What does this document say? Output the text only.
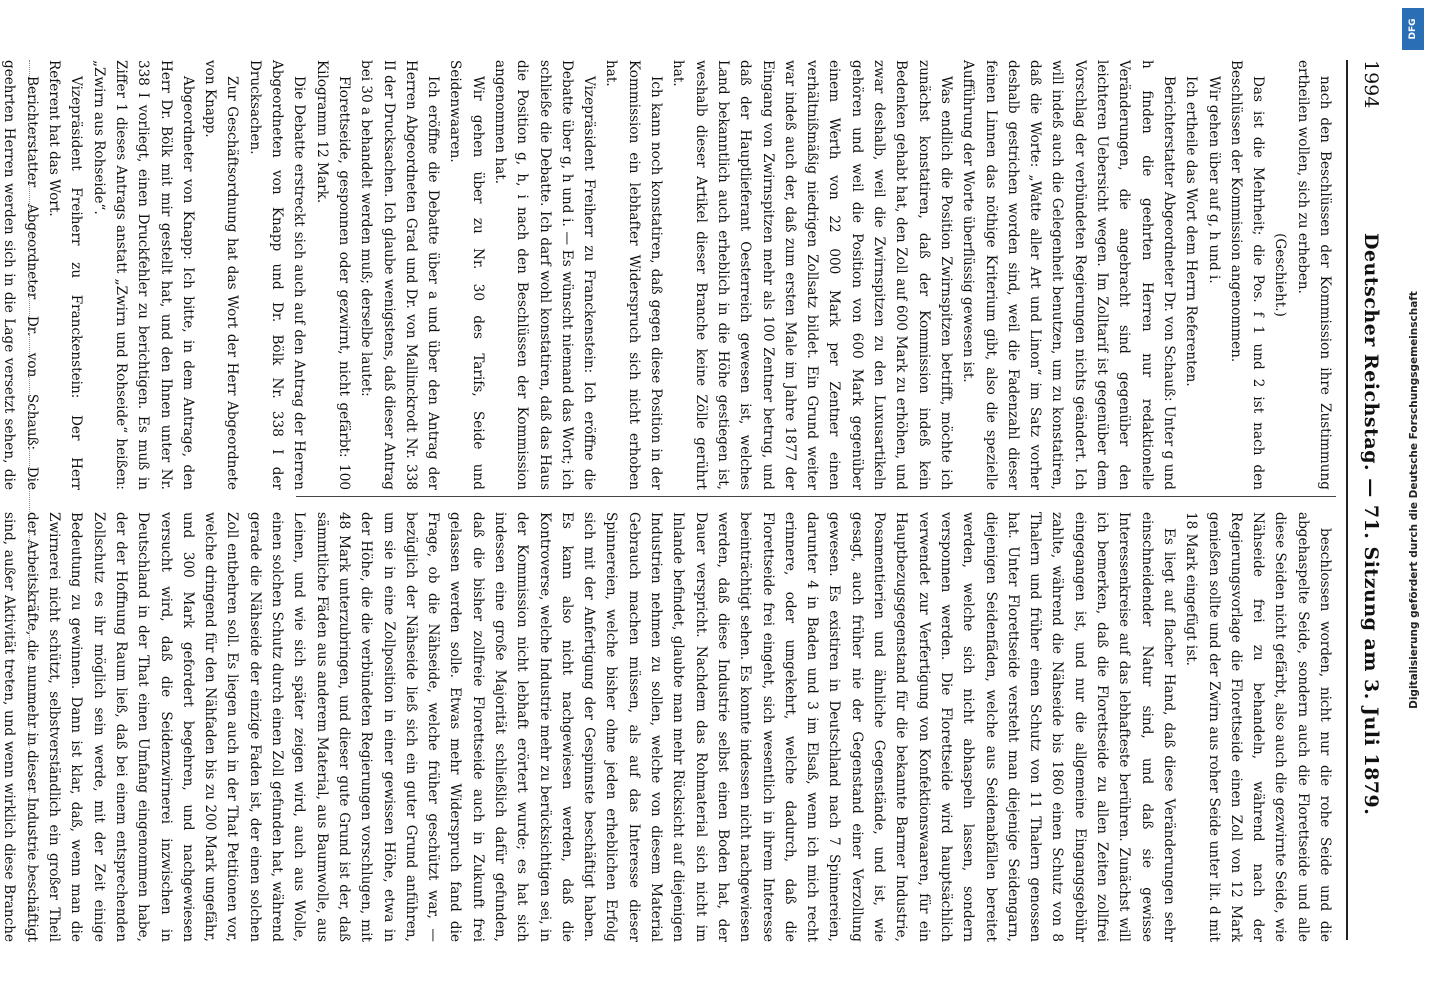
1994
Deutscher Reichstag. — 71. Sitzung am 3. Juli 1879.

nach den Beschlüssen der Kommission ihre Zustimmung ertheilen wollen, sich zu erheben.

(Geschieht.)

Das ist die Mehrheit; die Pos. f 1 und 2 ist nach den Beschlüssen der Kommission angenommen.

Wir gehen über auf g, h und i.

Ich ertheile das Wort dem Herrn Referenten.

Berichterstatter Abgeordneter Dr. von Schauß: Unter g und h finden die geehrten Herren nur redaktionelle Veränderungen, die angebracht sind gegenüber den leichteren Uebersicht wegen. Im Zolltarif ist gegenüber dem Vorschlag der verbündeten Regierungen nichts geändert. Ich will indeß auch die Gelegenheit benutzen, um zu konstatiren, daß die Worte: „Watte aller Art und Linon“ im Satz vorher deshalb gestrichen worden sind, weil die Fadenzahl dieser feinen Linnen das nöthige Kriterium gibt, also die spezielle Aufführung der Worte überflüssig gewesen ist.

Was endlich die Position Zwirnspitzen betrifft, möchte ich zunächst konstatiren, daß der Kommission indeß kein Bedenken gehabt hat, den Zoll auf 600 Mark zu erhöhen, und zwar deshalb, weil die Zwirnspitzen zu den Luxusartikeln gehören und weil die Position von 600 Mark gegenüber einem Werth von 22 000 Mark per Zentner einen verhältnißmäßig niedrigen Zollsatz bildet. Ein Grund weiter war indeß auch der, daß zum ersten Male im Jahre 1877 der Eingang von Zwirnspitzen mehr als 100 Zentner betrug, und daß der Hauptlieferant Oesterreich gewesen ist, welches Land bekanntlich auch erheblich in die Höhe gestiegen ist, weshalb dieser Artikel dieser Branche keine Zölle gerührt hat.

Ich kann noch konstatiren, daß gegen diese Position in der Kommission ein lebhafter Widerspruch sich nicht erhoben hat.

Vizepräsident Freiherr zu Franckenstein: Ich eröffne die Debatte über g, h und i. — Es wünscht niemand das Wort; ich schließe die Debatte. Ich darf wohl konstatiren, daß das Haus die Position g, h, i nach den Beschlüssen der Kommission angenommen hat.

Wir gehen über zu Nr. 30 des Tarifs, Seide und Seidenwaaren.

Ich eröffne die Debatte über a und über den Antrag der Herren Abgeordneten Grad und Dr. von Mallinckrodt Nr. 338 II der Drucksachen. Ich glaube wenigstens, daß dieser Antrag bei 30 a behandelt werden muß; derselbe lautet:

Florettseide, gesponnen oder gezwirnt, nicht gefärbt: 100 Kilogramm 12 Mark.

Die Debatte erstreckt sich auch auf den Antrag der Herren Abgeordneten von Knapp und Dr. Bölk Nr. 338 I der Drucksachen.

Zur Geschäftsordnung hat das Wort der Herr Abgeordnete von Knapp.

Abgeordneter von Knapp: Ich bitte, in dem Antrage, den Herr Dr. Bölk mit mir gestellt hat, und den Ihnen unter Nr. 338 I vorliegt, einen Druckfehler zu berichtigen. Es muß in Ziffer 1 dieses Antrags anstatt „Zwirn und Rohseide“ heißen: „Zwirn aus Rohseide“.

Vizepräsident Freiherr zu Franckenstein: Der Herr Referent hat das Wort.

Berichterstatter Abgeordneter Dr. von Schauß: Die geehrten Herren werden sich in die Lage versetzt sehen, die

beschlossen worden, nicht nur die rohe Seide und die abgehaspelte Seide, sondern auch die Florettseide und alle diese Seiden nicht gefärbt, also auch die gezwirnte Seide, wie Nähseide frei zu behandeln, während nach der Regierungsvorlage die Florettseide einen Zoll von 12 Mark genießen sollte und der Zwirn aus roher Seide unter lit. d mit 18 Mark eingefügt ist.

Es liegt auf flacher Hand, daß diese Veränderungen sehr einschneidender Natur sind, und daß sie gewisse Interessenkreise auf das lebhafteste berühren. Zunächst will ich bemerken, daß die Florettseide zu allen Zeiten zollfrei eingegangen ist, und nur die allgemeine Eingangsgebühr zahlte, während die Nähseide bis 1860 einen Schutz von 8 Thalern und früher einen Schutz von 11 Thalern genossen hat. Unter Florettseide versteht man diejenige Seidengarn, diejenigen Seidenfäden, welche aus Seidenabfällen bereitet werden, welche sich nicht abhaspeln lassen, sondern versponnen werden. Die Florettseide wird hauptsächlich verwendet zur Verfertigung von Konfektionswaaren, für ein Hauptbezugsgegenstand für die bekannte Barmer Industrie, Posamentierien und ähnliche Gegenstände, und ist, wie gesagt, auch früher nie der Gegenstand einer Verzollung gewesen. Es existiren in Deutschland nach 7 Spinnereien, darunter 4 in Baden und 3 im Elsaß, wenn ich mich recht erinnere, oder umgekehrt, welche dadurch, daß die Florettseide frei eingeht, sich wesentlich in ihrem Interesse beeinträchtigt sehen. Es konnte indessen nicht nachgewiesen werden, daß diese Industrie selbst einen Boden hat, der Dauer verspricht. Nachdem das Rohmaterial sich nicht im Inlande befindet, glaubte man mehr Rücksicht auf diejenigen Industrien nehmen zu sollen, welche von diesem Material Gebrauch machen müssen, als auf das Interesse dieser Spinnereien, welche bisher ohne jeden erheblichen Erfolg sich mit der Anfertigung der Gespinnste beschäftigt haben. Es kann also nicht nachgewiesen werden, daß die Kontroverse, welche Industrie mehr zu berücksichtigen sei, in der Kommission nicht lebhaft erörtert wurde; es hat sich indessen eine große Majorität schließlich dafür gefunden, daß die bisher zollfreie Florettseide auch in Zukunft frei gelassen werden solle. Etwas mehr Widerspruch fand die Frage, ob die Nähseide, welche früher geschützt war, — bezüglich der Nähseide ließ sich ein guter Grund anführen, um sie in eine Zollposition in einer gewissen Höhe, etwa in der Höhe, die die verbündeten Regierungen vorschlugen, mit 48 Mark unterzubringen, und dieser gute Grund ist der, daß sämmtliche Fäden aus anderem Material, aus Baumwolle, aus Leinen, und wie sich später zeigen wird, auch aus Wolle, einen solchen Schutz durch einen Zoll gefunden hat, während gerade die Nähseide der einzige Faden ist, der einen solchen Zoll entbehren soll. Es liegen auch in der That Petitionen vor, welche dringend für den Nähfaden bis zu 200 Mark ungefähr, und 300 Mark gefordert begehren, und nachgewiesen versucht wird, daß die Seidenzwirnerei inzwischen in Deutschland in der That einen Umfang eingenommen habe, der der Hoffnung Raum ließ, daß bei einem entsprechenden Zollschutz es ihr möglich sein werde, mit der Zeit einige Bedeutung zu gewinnen. Dann ist klar, daß, wenn man die Zwirnerei nicht schützt, selbstverständlich ein großer Theil der Arbeitskräfte, die nunmehr in dieser Industrie beschäftigt sind, außer Aktivität treten, und wenn wirklich diese Branche

Digitalisierung gefördert durch die Deutsche Forschungsgemeinschaft
DFG
